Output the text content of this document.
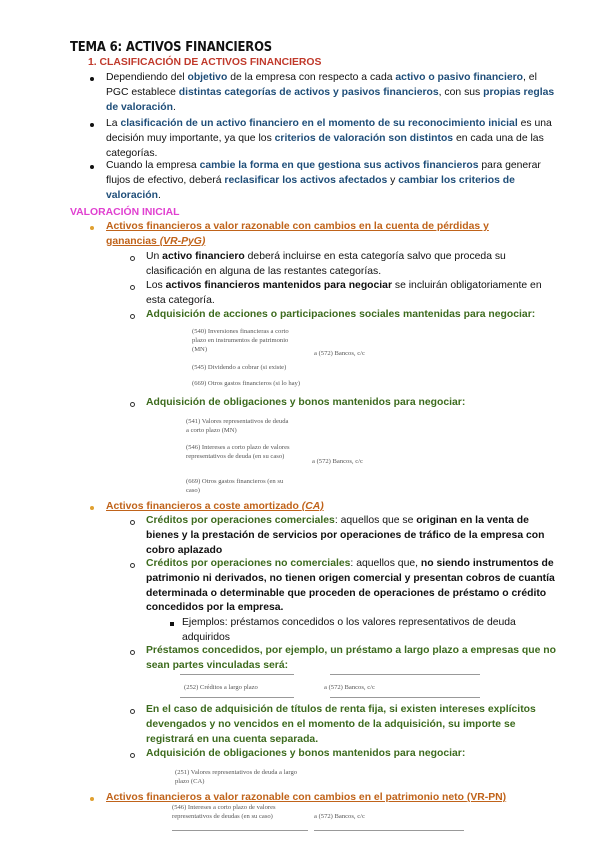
TEMA 6: ACTIVOS FINANCIEROS
1. CLASIFICACIÓN DE ACTIVOS FINANCIEROS
Dependiendo del objetivo de la empresa con respecto a cada activo o pasivo financiero, el PGC establece distintas categorías de activos y pasivos financieros, con sus propias reglas de valoración.
La clasificación de un activo financiero en el momento de su reconocimiento inicial es una decisión muy importante, ya que los criterios de valoración son distintos en cada una de las categorías.
Cuando la empresa cambie la forma en que gestiona sus activos financieros para generar flujos de efectivo, deberá reclasificar los activos afectados y cambiar los criterios de valoración.
VALORACIÓN INICIAL
Activos financieros a valor razonable con cambios en la cuenta de pérdidas y ganancias (VR-PyG)
Un activo financiero deberá incluirse en esta categoría salvo que proceda su clasificación en alguna de las restantes categorías.
Los activos financieros mantenidos para negociar se incluirán obligatoriamente en esta categoría.
Adquisición de acciones o participaciones sociales mantenidas para negociar:
(540) Inversiones financieras a corto plazo en instrumentos de patrimonio (MN)
(545) Dividendo a cobrar (si existe)
(669) Otros gastos financieros (si lo hay)
a (572) Bancos, c/c
Adquisición de obligaciones y bonos mantenidos para negociar:
(541) Valores representativos de deuda a corto plazo (MN)
(546) Intereses a corto plazo de valores representativos de deuda (en su caso)
(669) Otros gastos financieros (en su caso)
a (572) Bancos, c/c
Activos financieros a coste amortizado (CA)
Créditos por operaciones comerciales: aquellos que se originan en la venta de bienes y la prestación de servicios por operaciones de tráfico de la empresa con cobro aplazado
Créditos por operaciones no comerciales: aquellos que, no siendo instrumentos de patrimonio ni derivados, no tienen origen comercial y presentan cobros de cuantía determinada o determinable que proceden de operaciones de préstamo o crédito concedidos por la empresa.
Ejemplos: préstamos concedidos o los valores representativos de deuda adquiridos
Préstamos concedidos, por ejemplo, un préstamo a largo plazo a empresas que no sean partes vinculadas será:
(252) Créditos a largo plazo	a (572) Bancos, c/c
En el caso de adquisición de títulos de renta fija, si existen intereses explícitos devengados y no vencidos en el momento de la adquisición, su importe se registrará en una cuenta separada.
Adquisición de obligaciones y bonos mantenidos para negociar:
(251) Valores representativos de deuda a largo plazo (CA)
Activos financieros a valor razonable con cambios en el patrimonio neto (VR-PN)
(546) Intereses a corto plazo de valores representativos de deudas (en su caso)	a (572) Bancos, c/c
